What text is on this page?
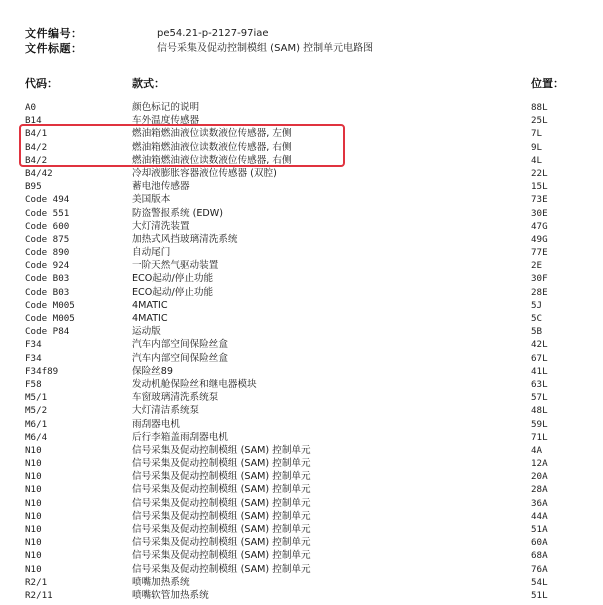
文件编号：	pe54.21-p-2127-97iae
文件标题：	信号采集及促动控制模组 (SAM) 控制单元电路图
代码：	款式：	位置：
A0	颜色标记的说明	88L
B14	车外温度传感器	25L
B4/1	燃油箱燃油液位读数液位传感器, 左侧	7L
B4/2	燃油箱燃油液位读数液位传感器, 右侧	9L
B4/2	燃油箱燃油液位读数液位传感器, 右侧	4L
B4/42	冷却液膨胀容器液位传感器 (双腔)	22L
B95	蓄电池传感器	15L
Code 494	美国版本	73E
Code 551	防盗警报系统 (EDW)	30E
Code 600	大灯清洗装置	47G
Code 875	加热式风挡玻璃清洗系统	49G
Code 890	自动尾门	77E
Code 924	一阶天然气驱动装置	2E
Code B03	ECO起动/停止功能	30F
Code B03	ECO起动/停止功能	28E
Code M005	4MATIC	5J
Code M005	4MATIC	5C
Code P84	运动版	5B
F34	汽车内部空间保险丝盒	42L
F34	汽车内部空间保险丝盒	67L
F34f89	保险丝89	41L
F58	发动机舱保险丝和继电器模块	63L
M5/1	车窗玻璃清洗系统泵	57L
M5/2	大灯清洁系统泵	48L
M6/1	雨刮器电机	59L
M6/4	后行李箱盖雨刮器电机	71L
N10	信号采集及促动控制模组 (SAM) 控制单元	4A
N10	信号采集及促动控制模组 (SAM) 控制单元	12A
N10	信号采集及促动控制模组 (SAM) 控制单元	20A
N10	信号采集及促动控制模组 (SAM) 控制单元	28A
N10	信号采集及促动控制模组 (SAM) 控制单元	36A
N10	信号采集及促动控制模组 (SAM) 控制单元	44A
N10	信号采集及促动控制模组 (SAM) 控制单元	51A
N10	信号采集及促动控制模组 (SAM) 控制单元	60A
N10	信号采集及促动控制模组 (SAM) 控制单元	68A
N10	信号采集及促动控制模组 (SAM) 控制单元	76A
R2/1	喷嘴加热系统	54L
R2/11	喷嘴软管加热系统	51L
